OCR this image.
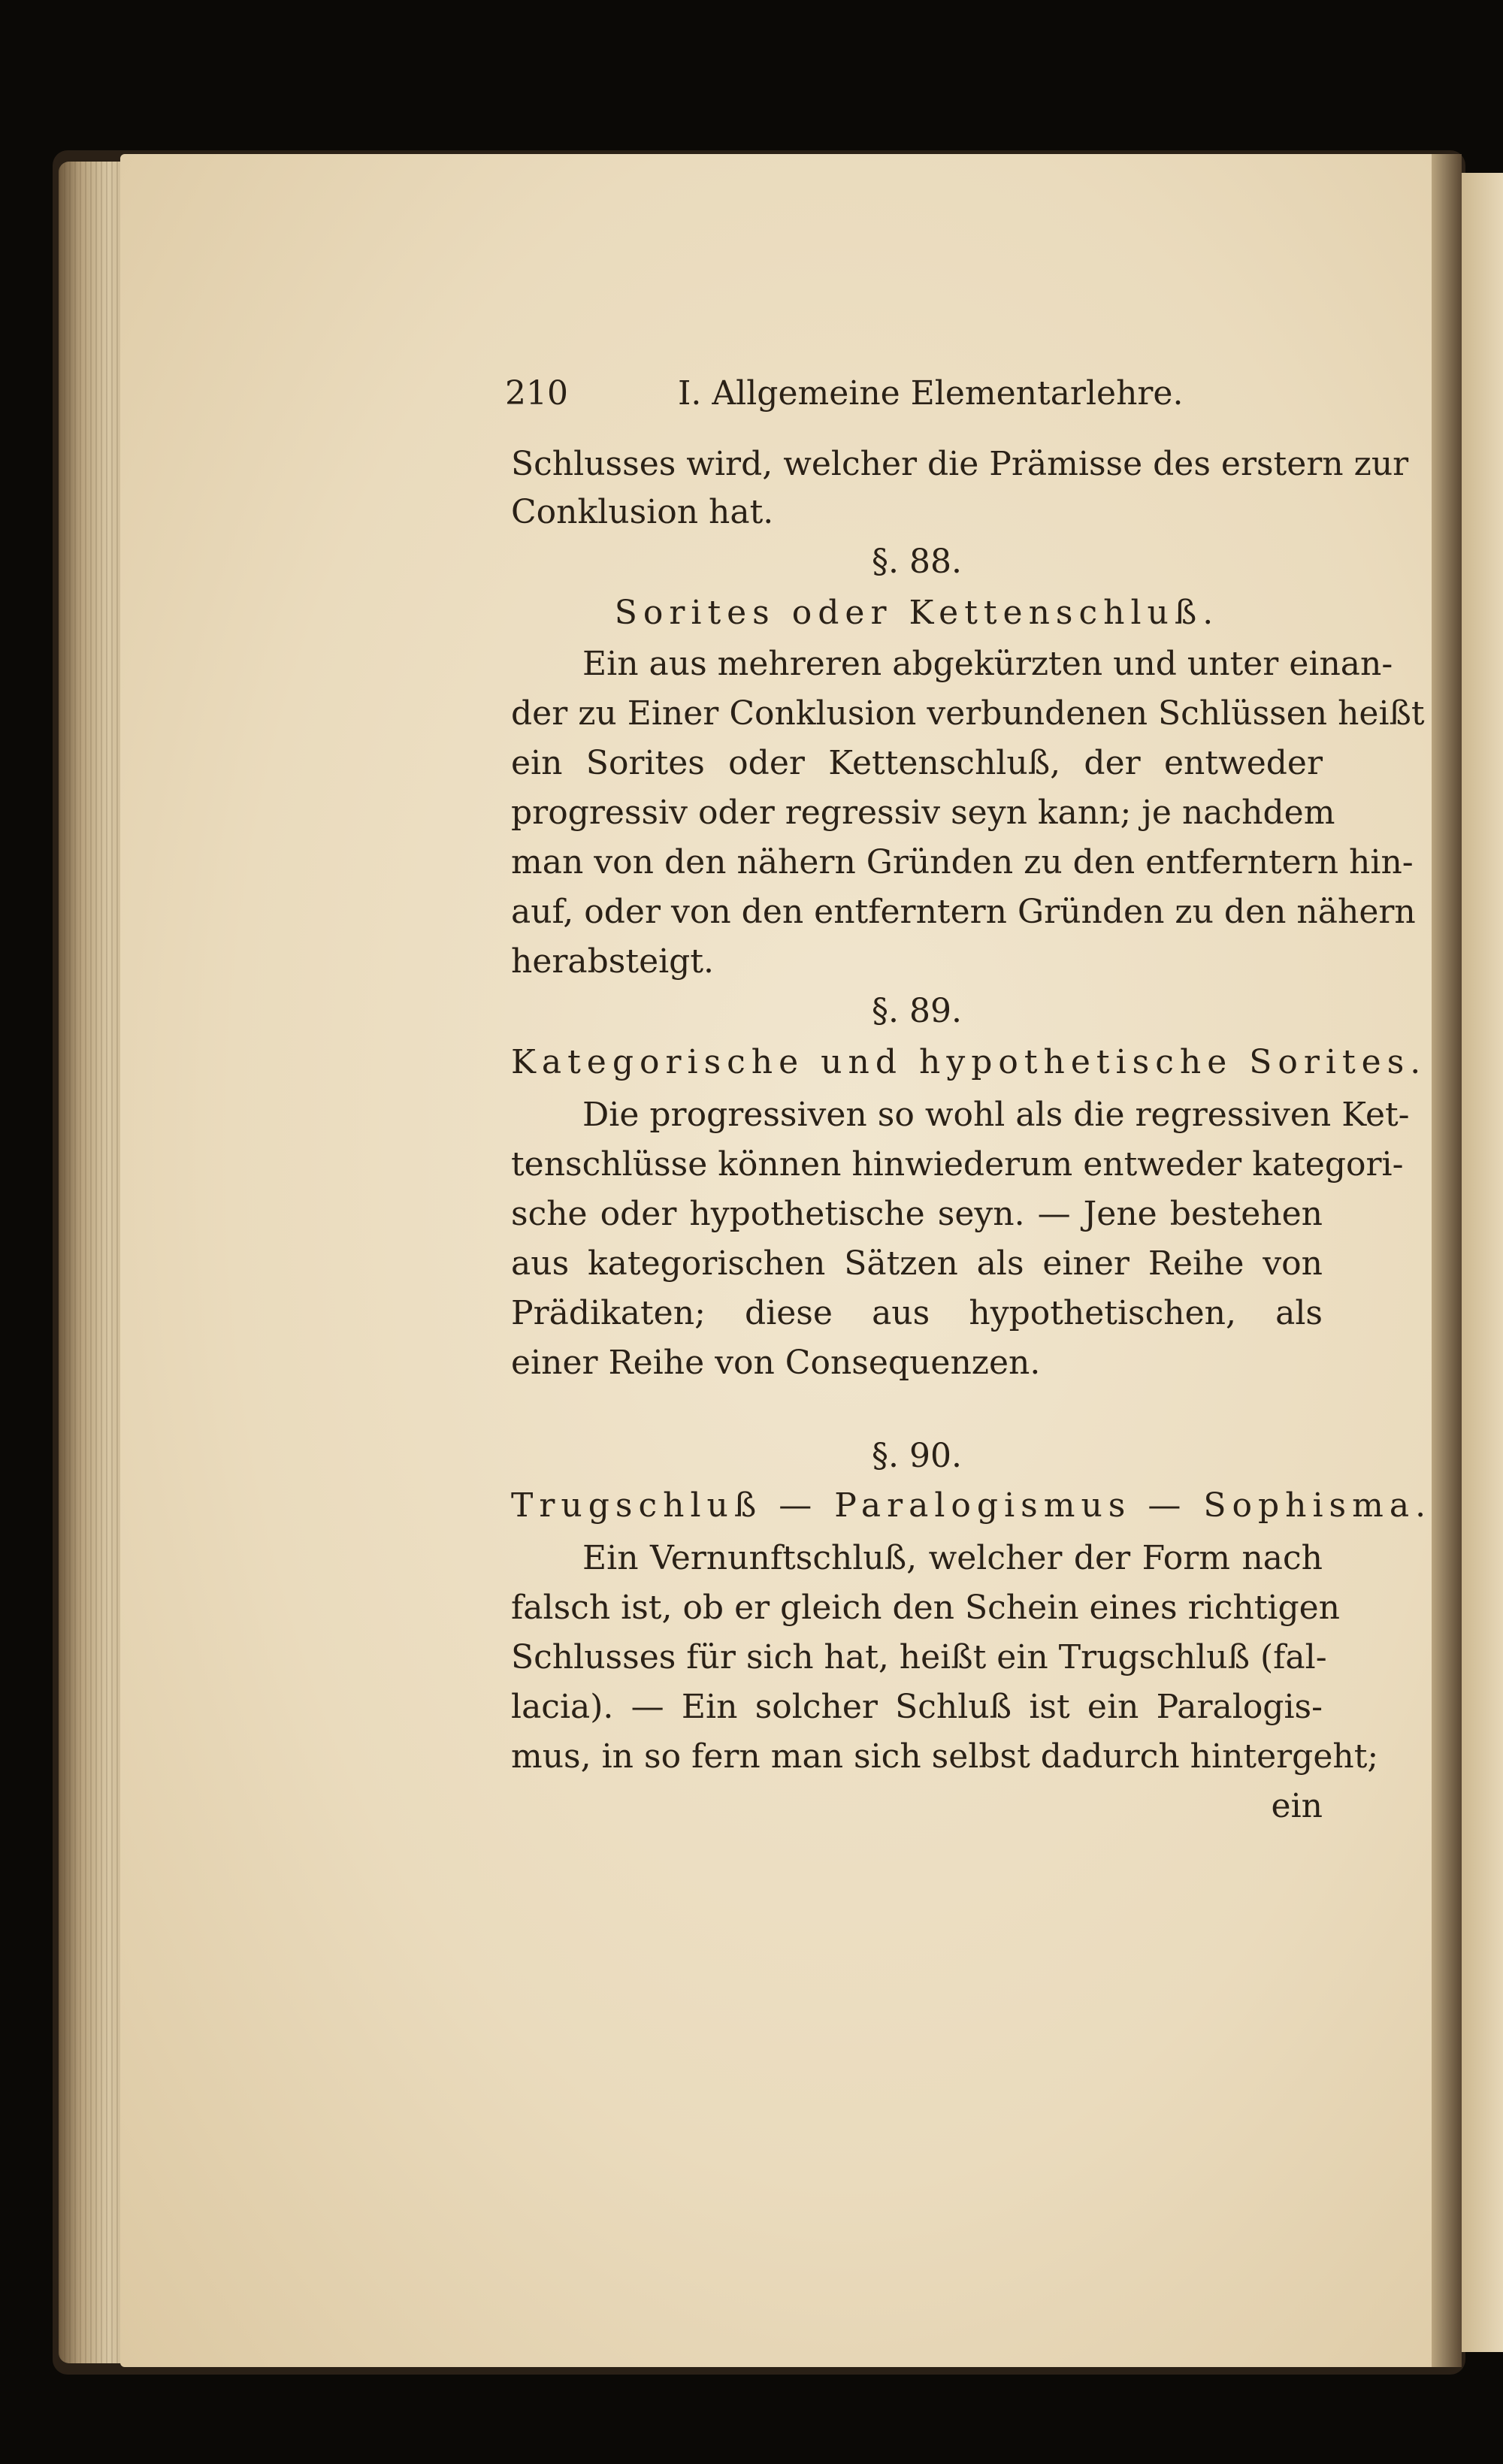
210	I. Allgemeine Elementarlehre.
Schlusses wird, welcher die Prämisse des erstern zur
Conklusion hat.
§. 88.
Sorites oder Kettenschluß.
Ein aus mehreren abgekürzten und unter einan-
der zu Einer Conklusion verbundenen Schlüssen heißt
ein Sorites oder Kettenschluß, der entweder
progressiv oder regressiv seyn kann; je nachdem
man von den nähern Gründen zu den entferntern hin-
auf, oder von den entferntern Gründen zu den nähern
herabsteigt.
§. 89.
Kategorische und hypothetische Sorites.
Die progressiven so wohl als die regressiven Ket-
tenschlüsse können hinwiederum entweder kategori-
sche oder hypothetische seyn. — Jene bestehen
aus kategorischen Sätzen als einer Reihe von
Prädikaten; diese aus hypothetischen, als
einer Reihe von Consequenzen.
§. 90.
Trugschluß — Paralogismus — Sophisma.
Ein Vernunftschluß, welcher der Form nach
falsch ist, ob er gleich den Schein eines richtigen
Schlusses für sich hat, heißt ein Trugschluß (fal-
lacia). — Ein solcher Schluß ist ein Paralogis-
mus, in so fern man sich selbst dadurch hintergeht;
ein
